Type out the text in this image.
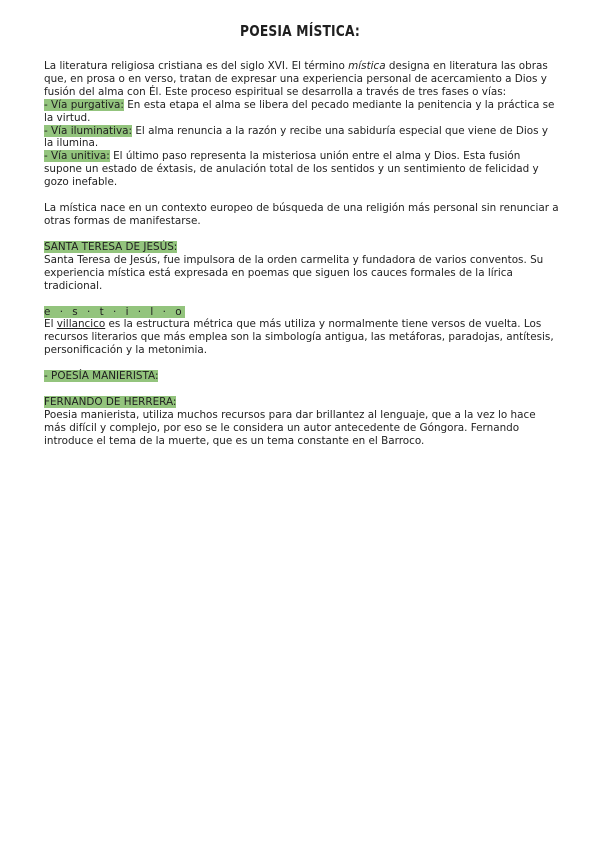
POESIA MÍSTICA:

La literatura religiosa cristiana es del siglo XVI. El término mística designa en literatura las obras que, en prosa o en verso, tratan de expresar una experiencia personal de acercamiento a Dios y fusión del alma con Él. Este proceso espiritual se desarrolla a través de tres fases o vías:

- Vía purgativa: En esta etapa el alma se libera del pecado mediante la penitencia y la práctica se la virtud.

- Vía iluminativa: El alma renuncia a la razón y recibe una sabiduría especial que viene de Dios y la ilumina.

- Vía unitiva: El último paso representa la misteriosa unión entre el alma y Dios. Esta fusión supone un estado de éxtasis, de anulación total de los sentidos y un sentimiento de felicidad y gozo inefable.

La mística nace en un contexto europeo de búsqueda de una religión más personal sin renunciar a otras formas de manifestarse.

SANTA TERESA DE JESÚS:

Santa Teresa de Jesús, fue impulsora de la orden carmelita y fundadora de varios conventos. Su experiencia mística está expresada en poemas que siguen los cauces formales de la lírica tradicional.

e · s · t · i · l · o

El villancico es la estructura métrica que más utiliza y normalmente tiene versos de vuelta. Los recursos literarios que más emplea son la simbología antigua, las metáforas, paradojas, antítesis, personificación y la metonimia.

- POESÍA MANIERISTA:

FERNANDO DE HERRERA:

Poesia manierista, utiliza muchos recursos para dar brillantez al lenguaje, que a la vez lo hace más difícil y complejo, por eso se le considera un autor antecedente de Góngora. Fernando introduce el tema de la muerte, que es un tema constante en el Barroco.
